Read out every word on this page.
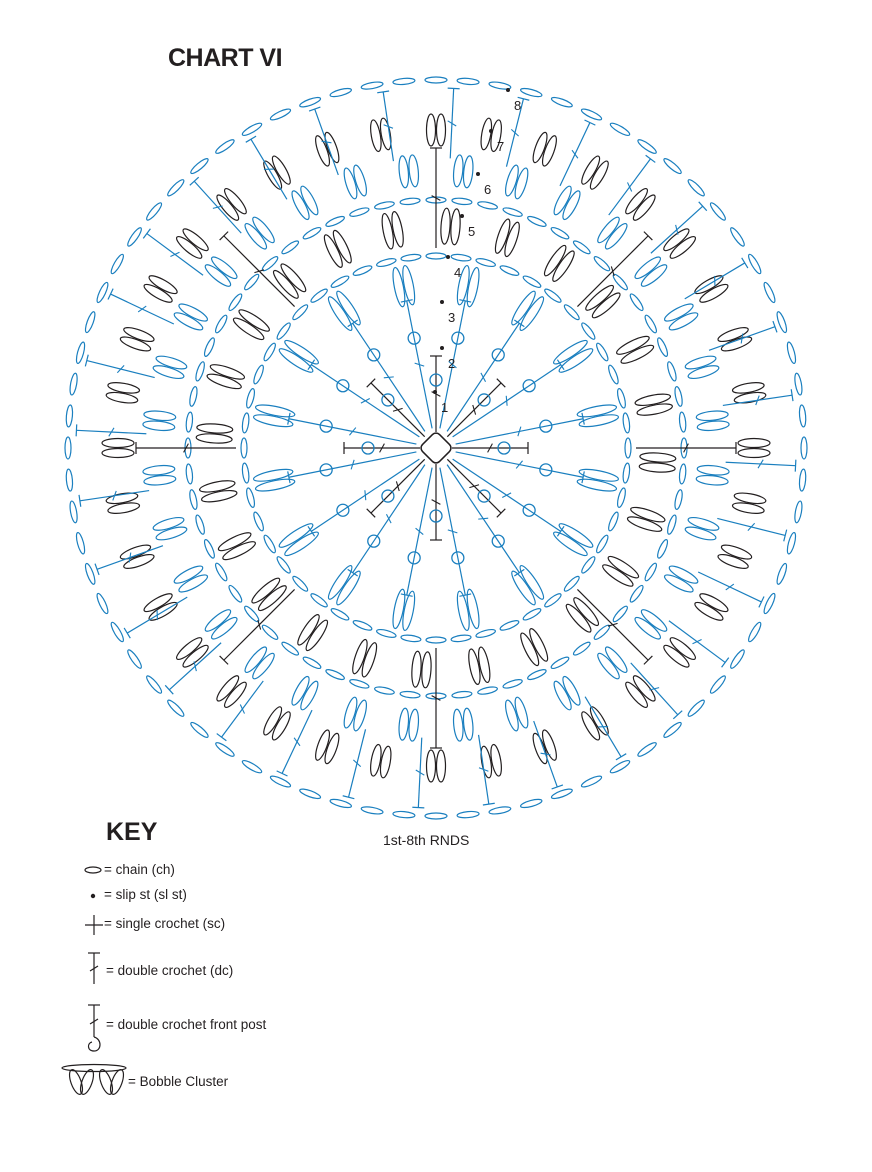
CHART VI
1
2
3
4
5
6
7
8
1st-8th RNDS
KEY
= chain (ch)
= slip st (sl st)
= single crochet (sc)
= double crochet (dc)
= double crochet front post
= Bobble Cluster
